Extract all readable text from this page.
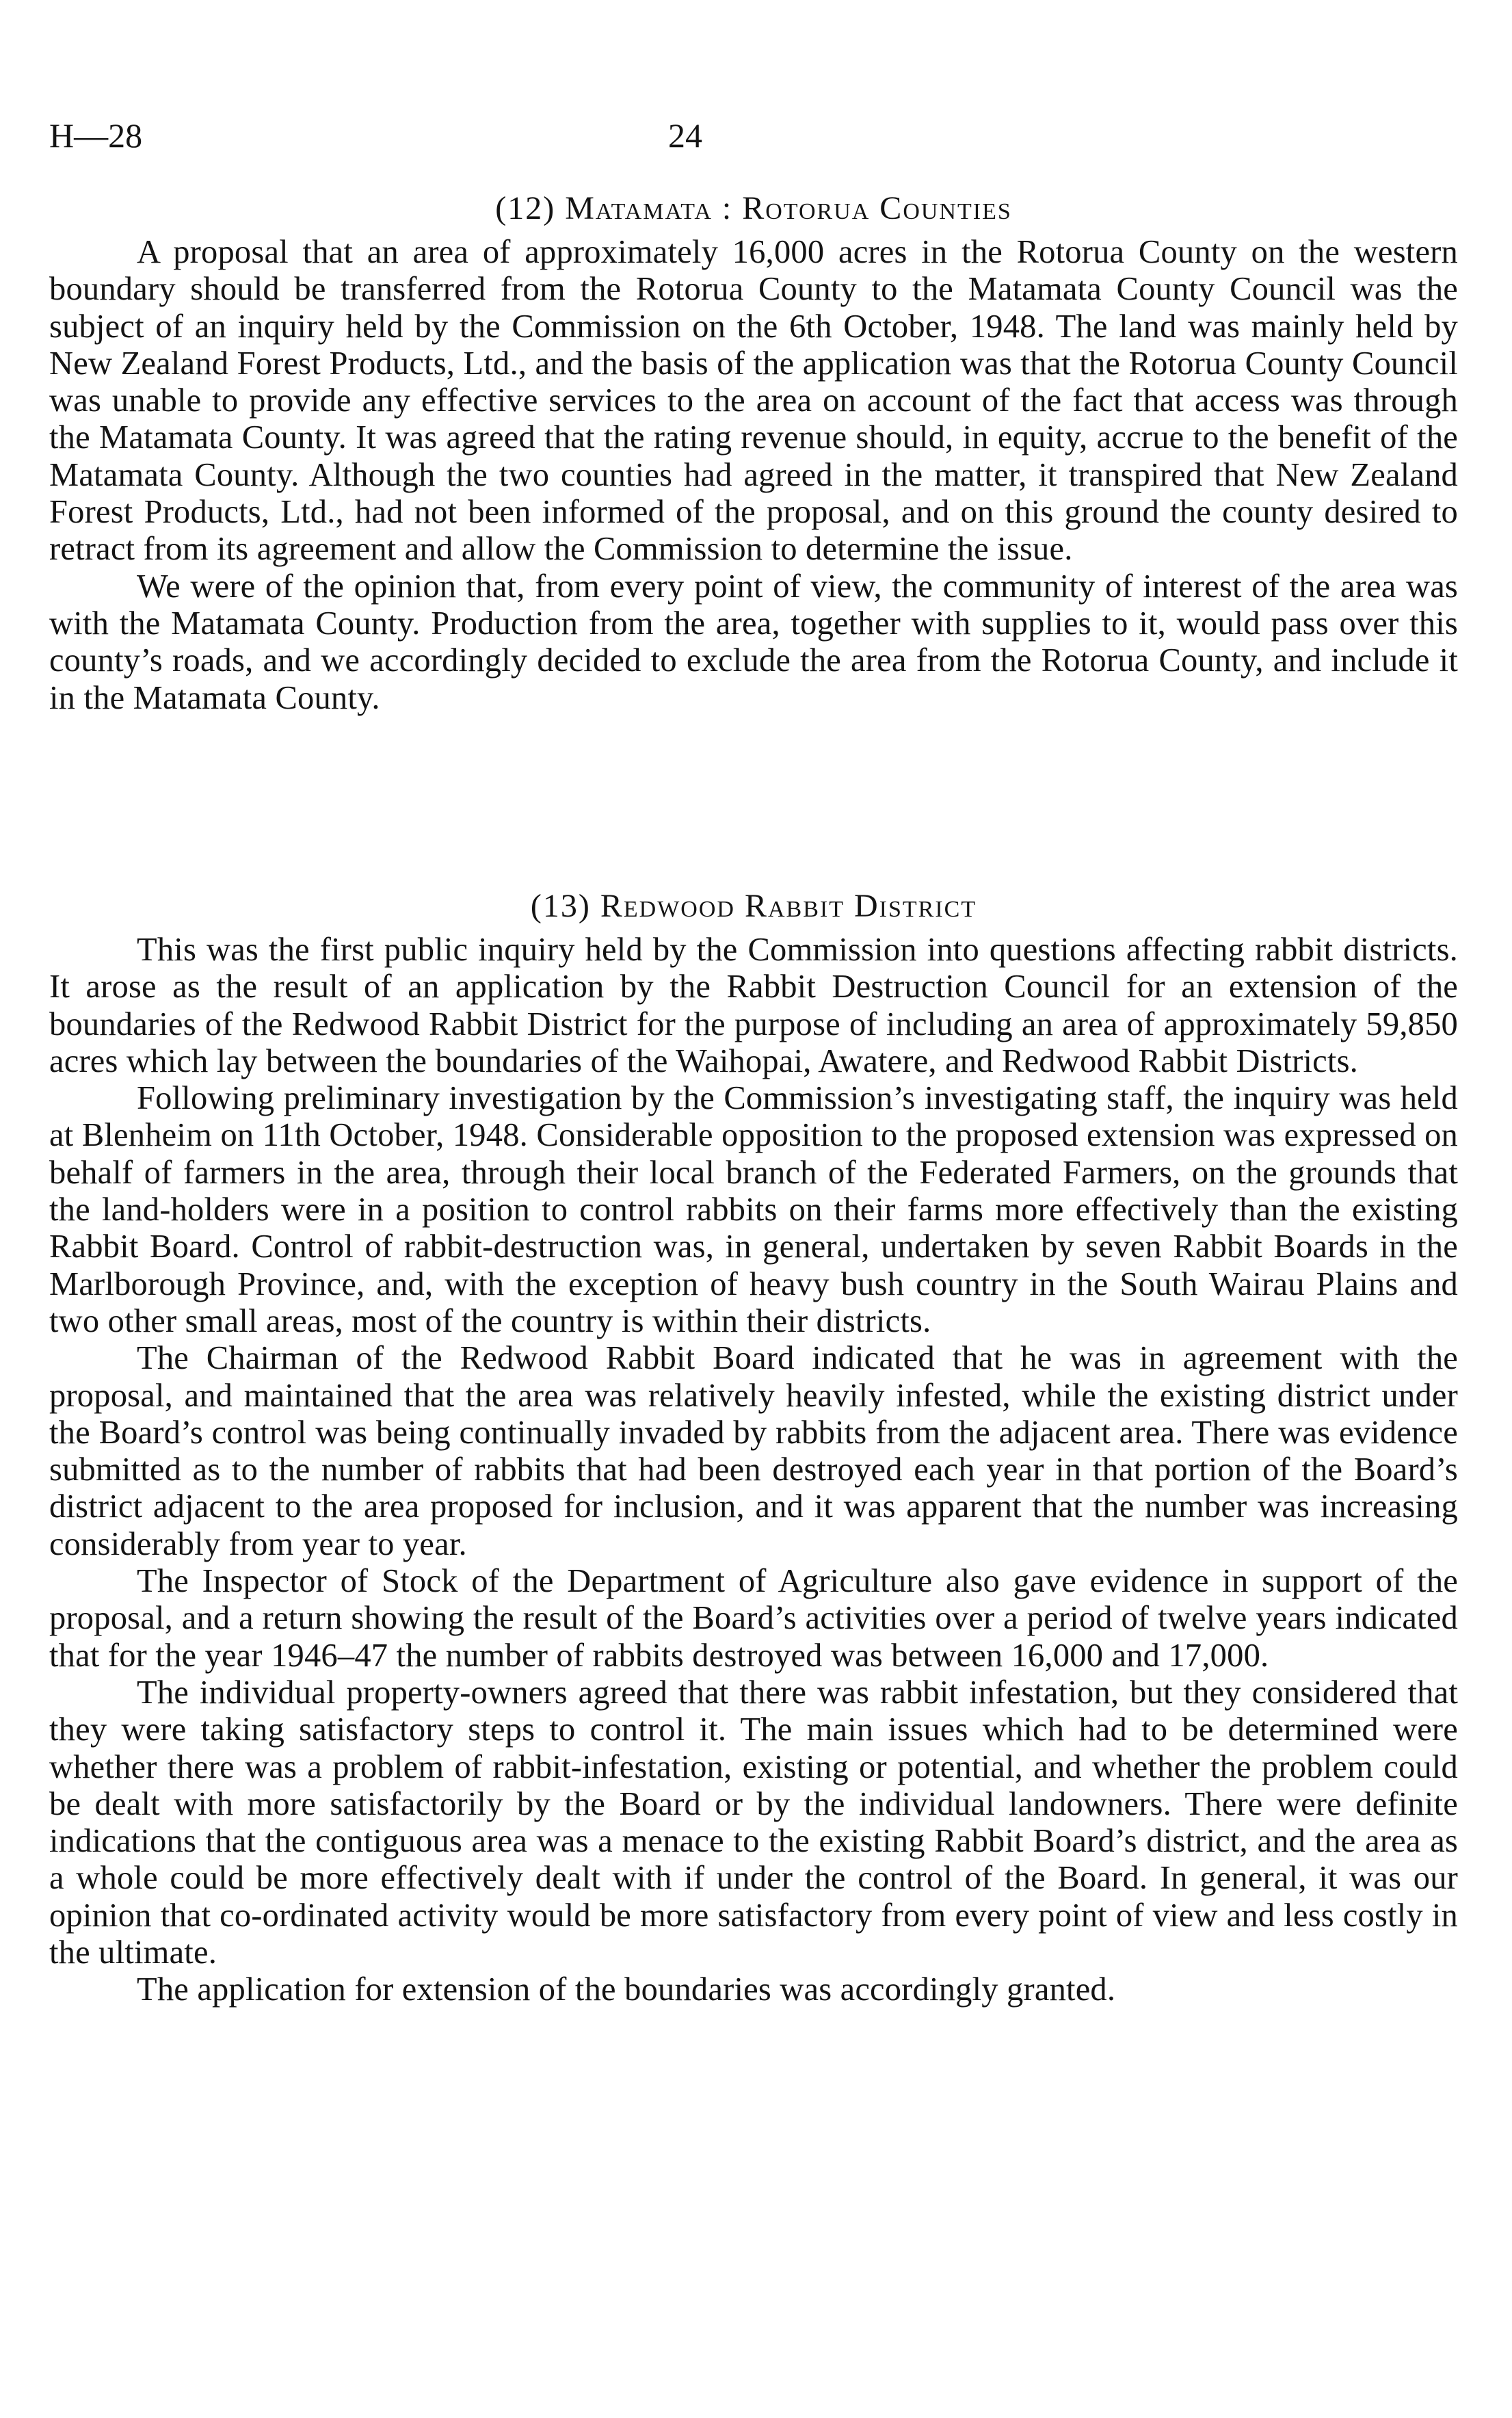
H—28	24
(12) Matamata : Rotorua Counties

A proposal that an area of approximately 16,000 acres in the Rotorua County on the western boundary should be transferred from the Rotorua County to the Matamata County Council was the subject of an inquiry held by the Commission on the 6th October, 1948. The land was mainly held by New Zealand Forest Products, Ltd., and the basis of the application was that the Rotorua County Council was unable to provide any effective services to the area on account of the fact that access was through the Matamata County. It was agreed that the rating revenue should, in equity, accrue to the benefit of the Matamata County. Although the two counties had agreed in the matter, it transpired that New Zealand Forest Products, Ltd., had not been informed of the proposal, and on this ground the county desired to retract from its agreement and allow the Commission to determine the issue.

We were of the opinion that, from every point of view, the community of interest of the area was with the Matamata County. Production from the area, together with supplies to it, would pass over this county’s roads, and we accordingly decided to exclude the area from the Rotorua County, and include it in the Matamata County.

(13) Redwood Rabbit District

This was the first public inquiry held by the Commission into questions affecting rabbit districts. It arose as the result of an application by the Rabbit Destruction Council for an extension of the boundaries of the Redwood Rabbit District for the purpose of including an area of approximately 59,850 acres which lay between the boundaries of the Waihopai, Awatere, and Redwood Rabbit Districts.

Following preliminary investigation by the Commission’s investigating staff, the inquiry was held at Blenheim on 11th October, 1948. Considerable opposition to the proposed extension was expressed on behalf of farmers in the area, through their local branch of the Federated Farmers, on the grounds that the land-holders were in a position to control rabbits on their farms more effectively than the existing Rabbit Board. Control of rabbit-destruction was, in general, undertaken by seven Rabbit Boards in the Marlborough Province, and, with the exception of heavy bush country in the South Wairau Plains and two other small areas, most of the country is within their districts.

The Chairman of the Redwood Rabbit Board indicated that he was in agreement with the proposal, and maintained that the area was relatively heavily infested, while the existing district under the Board’s control was being continually invaded by rabbits from the adjacent area. There was evidence submitted as to the number of rabbits that had been destroyed each year in that portion of the Board’s district adjacent to the area proposed for inclusion, and it was apparent that the number was increasing considerably from year to year.

The Inspector of Stock of the Department of Agriculture also gave evidence in support of the proposal, and a return showing the result of the Board’s activities over a period of twelve years indicated that for the year 1946–47 the number of rabbits destroyed was between 16,000 and 17,000.

The individual property-owners agreed that there was rabbit infestation, but they considered that they were taking satisfactory steps to control it. The main issues which had to be determined were whether there was a problem of rabbit-infestation, existing or potential, and whether the problem could be dealt with more satisfactorily by the Board or by the individual landowners. There were definite indications that the contiguous area was a menace to the existing Rabbit Board’s district, and the area as a whole could be more effectively dealt with if under the control of the Board. In general, it was our opinion that co-ordinated activity would be more satisfactory from every point of view and less costly in the ultimate.

The application for extension of the boundaries was accordingly granted.
